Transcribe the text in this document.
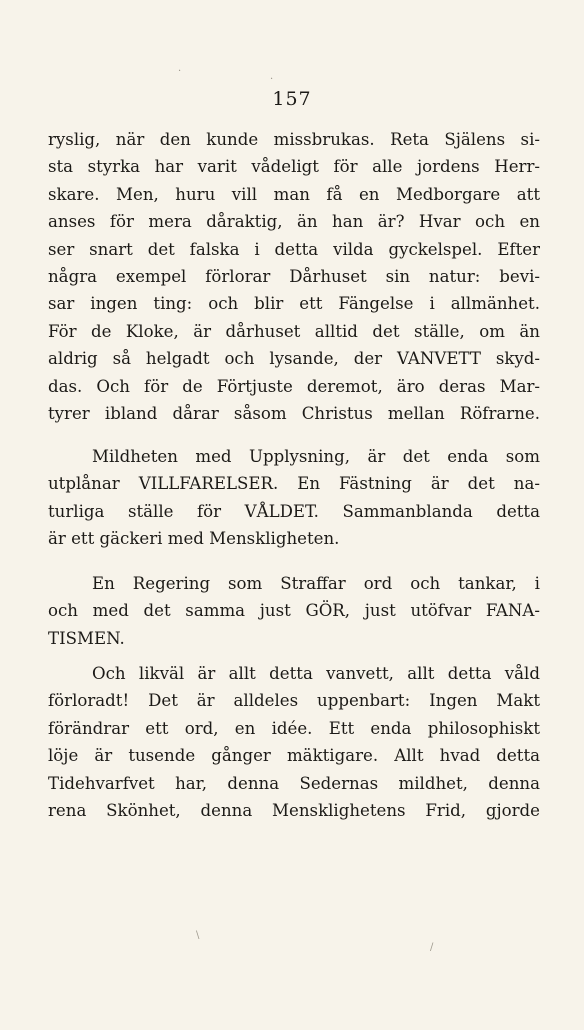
157
ryslig, när den kunde missbrukas. Reta Själens si-
sta styrka har varit vådeligt för alle jordens Herr-
skare. Men, huru vill man få en Medborgare att
anses för mera dåraktig, än han är? Hvar och en
ser snart det falska i detta vilda gyckelspel. Efter
några exempel förlorar Dårhuset sin natur: bevi-
sar ingen ting: och blir ett Fängelse i allmänhet.
För de Kloke, är dårhuset alltid det ställe, om än
aldrig så helgadt och lysande, der VANVETT skyd-
das. Och för de Förtjuste deremot, äro deras Mar-
tyrer ibland dårar såsom Christus mellan Röfrarne.
Mildheten med Upplysning, är det enda som
utplånar VILLFARELSER. En Fästning är det na-
turliga ställe för VÅLDET. Sammanblanda detta
är ett gäckeri med Menskligheten.
En Regering som Straffar ord och tankar, i
och med det samma just GÖR, just utöfvar FANA-
TISMEN.
Och likväl är allt detta vanvett, allt detta våld
förloradt! Det är alldeles uppenbart: Ingen Makt
förändrar ett ord, en idée. Ett enda philosophiskt
löje är tusende gånger mäktigare. Allt hvad detta
Tidehvarfvet har, denna Sedernas mildhet, denna
rena Skönhet, denna Mensklighetens Frid, gjorde
·
·
\
/
